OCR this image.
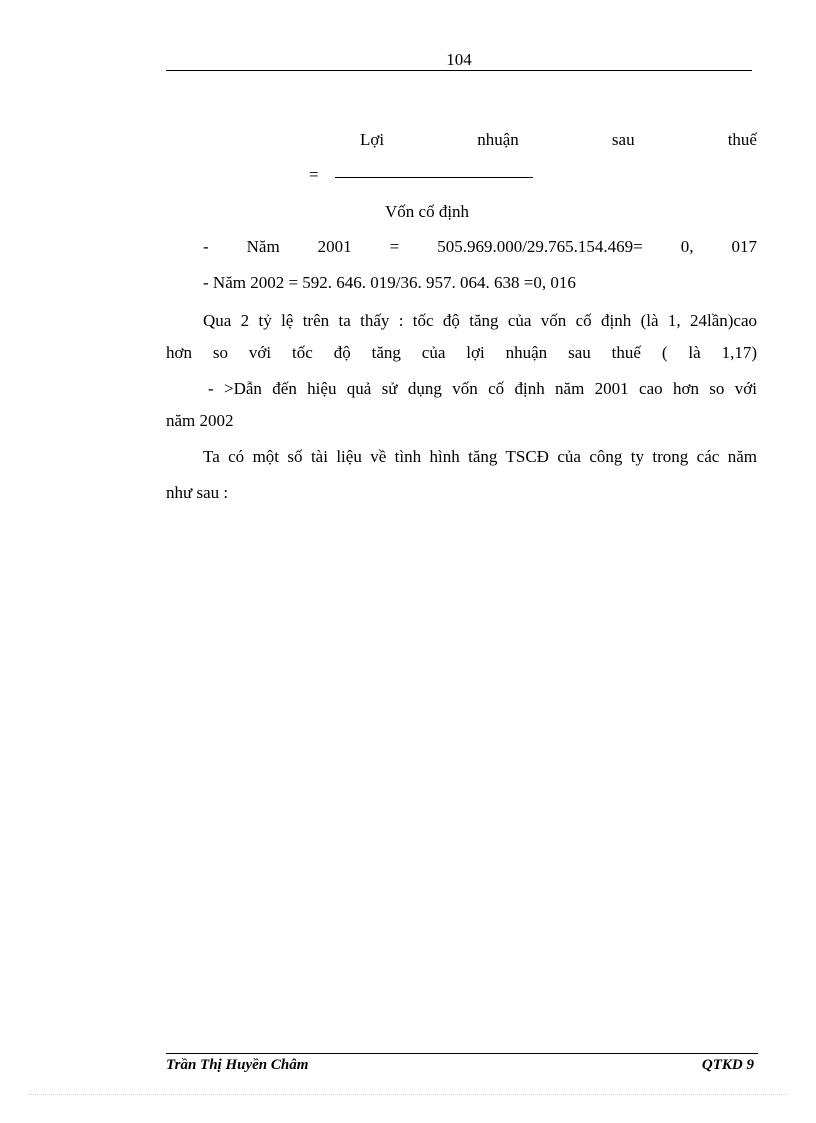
104
Lợi	nhuận	sau	thuế
=
Vốn cố định
- Năm 2001 = 505.969.000/29.765.154.469= 0, 017
- Năm 2002 = 592. 646. 019/36. 957. 064. 638 =0, 016
Qua 2 tỷ lệ trên ta thấy : tốc độ tăng của vốn cố định (là 1, 24lần)cao
hơn so với tốc độ tăng của lợi nhuận sau thuế ( là 1,17)
- >Dẫn đến hiệu quả sử dụng vốn cố định năm 2001 cao hơn so với
năm 2002
Ta có một số tài liệu về tình hình tăng TSCĐ của công ty trong các năm
như sau :
Trần Thị Huyền Châm	QTKD 9
